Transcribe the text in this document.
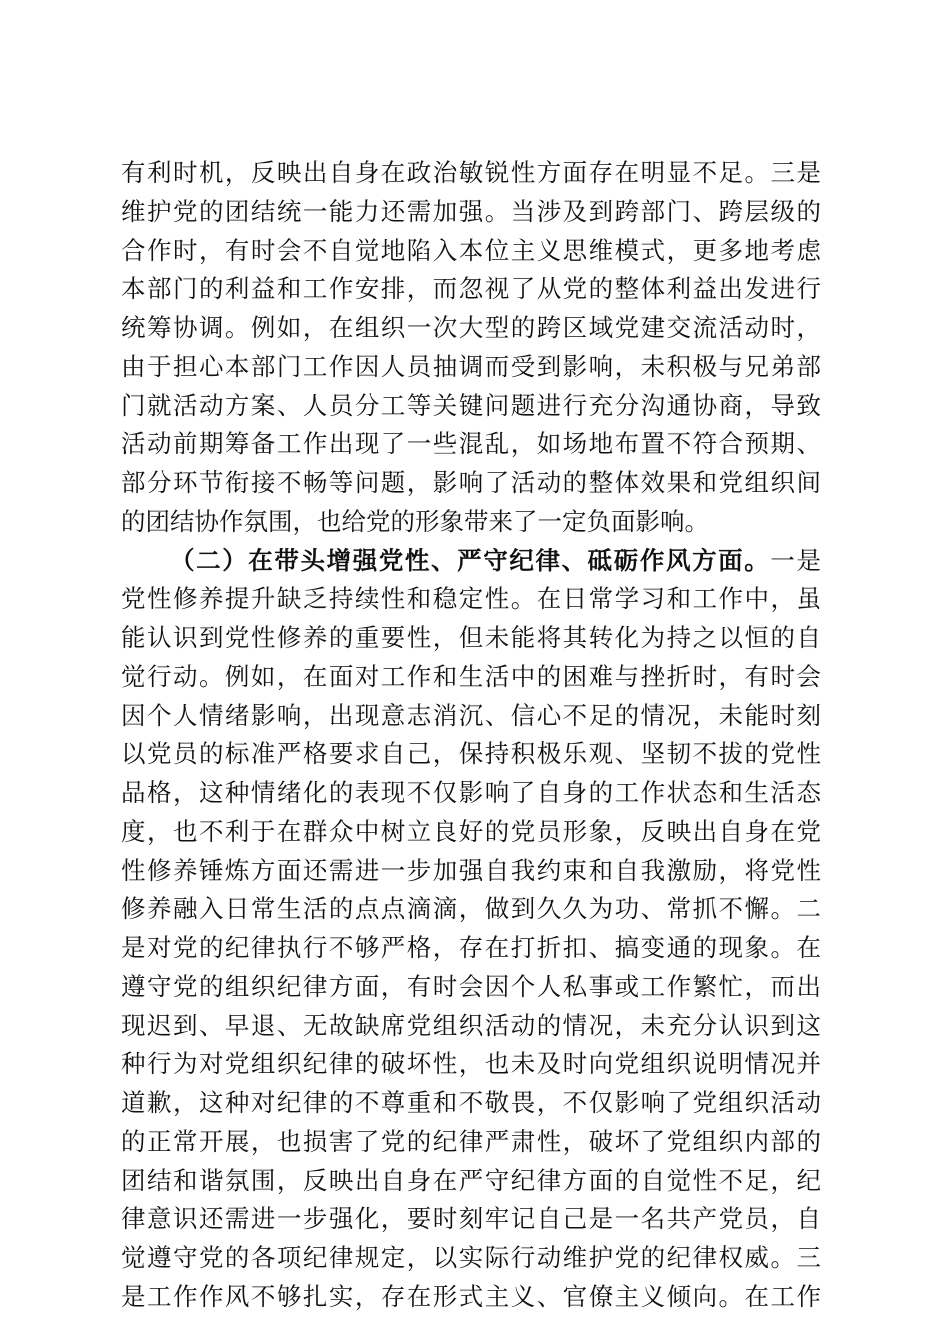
有利时机，反映出自身在政治敏锐性方面存在明显不足。三是
维护党的团结统一能力还需加强。当涉及到跨部门、跨层级的
合作时，有时会不自觉地陷入本位主义思维模式，更多地考虑
本部门的利益和工作安排，而忽视了从党的整体利益出发进行
统筹协调。例如，在组织一次大型的跨区域党建交流活动时，
由于担心本部门工作因人员抽调而受到影响，未积极与兄弟部
门就活动方案、人员分工等关键问题进行充分沟通协商，导致
活动前期筹备工作出现了一些混乱，如场地布置不符合预期、
部分环节衔接不畅等问题，影响了活动的整体效果和党组织间
的团结协作氛围，也给党的形象带来了一定负面影响。
（二）在带头增强党性、严守纪律、砥砺作风方面。一是
党性修养提升缺乏持续性和稳定性。在日常学习和工作中，虽
能认识到党性修养的重要性，但未能将其转化为持之以恒的自
觉行动。例如，在面对工作和生活中的困难与挫折时，有时会
因个人情绪影响，出现意志消沉、信心不足的情况，未能时刻
以党员的标准严格要求自己，保持积极乐观、坚韧不拔的党性
品格，这种情绪化的表现不仅影响了自身的工作状态和生活态
度，也不利于在群众中树立良好的党员形象，反映出自身在党
性修养锤炼方面还需进一步加强自我约束和自我激励，将党性
修养融入日常生活的点点滴滴，做到久久为功、常抓不懈。二
是对党的纪律执行不够严格，存在打折扣、搞变通的现象。在
遵守党的组织纪律方面，有时会因个人私事或工作繁忙，而出
现迟到、早退、无故缺席党组织活动的情况，未充分认识到这
种行为对党组织纪律的破坏性，也未及时向党组织说明情况并
道歉，这种对纪律的不尊重和不敬畏，不仅影响了党组织活动
的正常开展，也损害了党的纪律严肃性，破坏了党组织内部的
团结和谐氛围，反映出自身在严守纪律方面的自觉性不足，纪
律意识还需进一步强化，要时刻牢记自己是一名共产党员，自
觉遵守党的各项纪律规定，以实际行动维护党的纪律权威。三
是工作作风不够扎实，存在形式主义、官僚主义倾向。在工作
